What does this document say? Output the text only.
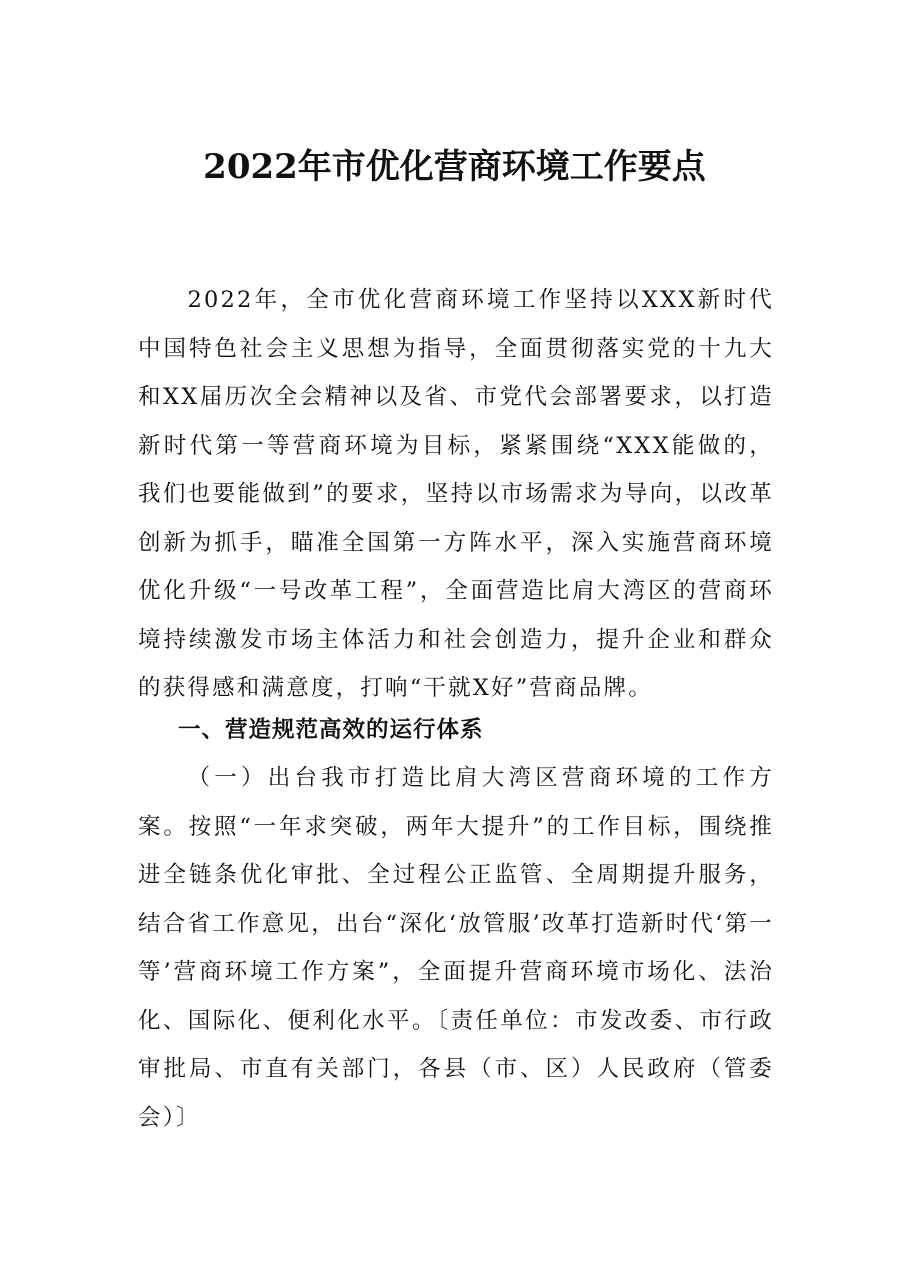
2022年市优化营商环境工作要点

2022年，全市优化营商环境工作坚持以XXX新时代中国特色社会主义思想为指导，全面贯彻落实党的十九大和XX届历次全会精神以及省、市党代会部署要求，以打造新时代第一等营商环境为目标，紧紧围绕“XXX能做的，我们也要能做到”的要求，坚持以市场需求为导向，以改革创新为抓手，瞄准全国第一方阵水平，深入实施营商环境优化升级“一号改革工程”，全面营造比肩大湾区的营商环境持续激发市场主体活力和社会创造力，提升企业和群众的获得感和满意度，打响“干就X好”营商品牌。

一、营造规范高效的运行体系

（一）出台我市打造比肩大湾区营商环境的工作方案。按照“一年求突破，两年大提升”的工作目标，围绕推进全链条优化审批、全过程公正监管、全周期提升服务，结合省工作意见，出台“深化‘放管服’改革打造新时代‘第一等’营商环境工作方案”，全面提升营商环境市场化、法治化、国际化、便利化水平。〔责任单位：市发改委、市行政审批局、市直有关部门，各县（市、区）人民政府（管委会）〕
